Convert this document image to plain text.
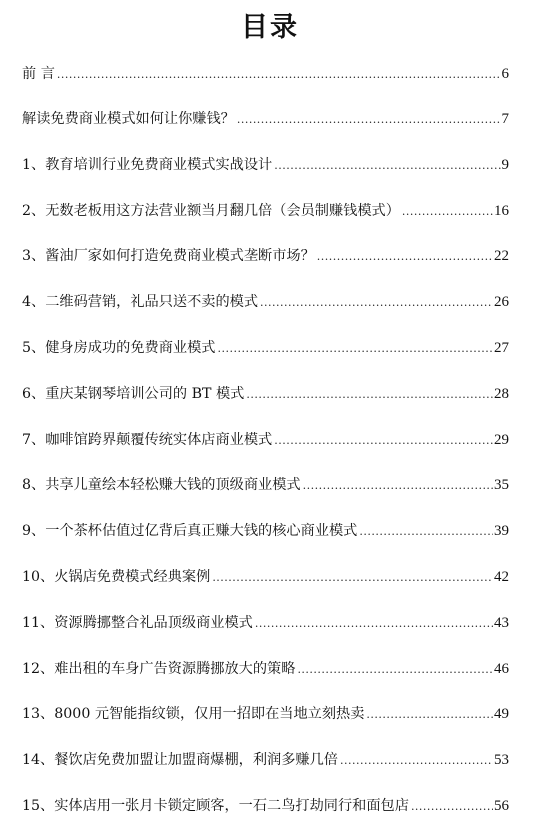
目录
前 言 .....	6
解读免费商业模式如何让你赚钱？ .....	7
1、教育培训行业免费商业模式实战设计 .....	9
2、无数老板用这方法营业额当月翻几倍（会员制赚钱模式） .....	16
3、酱油厂家如何打造免费商业模式垄断市场？ .....	22
4、二维码营销，礼品只送不卖的模式 .....	26
5、健身房成功的免费商业模式 .....	27
6、重庆某钢琴培训公司的 BT 模式 .....	28
7、咖啡馆跨界颠覆传统实体店商业模式 .....	29
8、共享儿童绘本轻松赚大钱的顶级商业模式 .....	35
9、一个茶杯估值过亿背后真正赚大钱的核心商业模式 .....	39
10、火锅店免费模式经典案例 .....	42
11、资源腾挪整合礼品顶级商业模式 .....	43
12、难出租的车身广告资源腾挪放大的策略 .....	46
13、8000 元智能指纹锁，仅用一招即在当地立刻热卖 .....	49
14、餐饮店免费加盟让加盟商爆棚，利润多赚几倍 .....	53
15、实体店用一张月卡锁定顾客，一石二鸟打劫同行和面包店 .....	56
